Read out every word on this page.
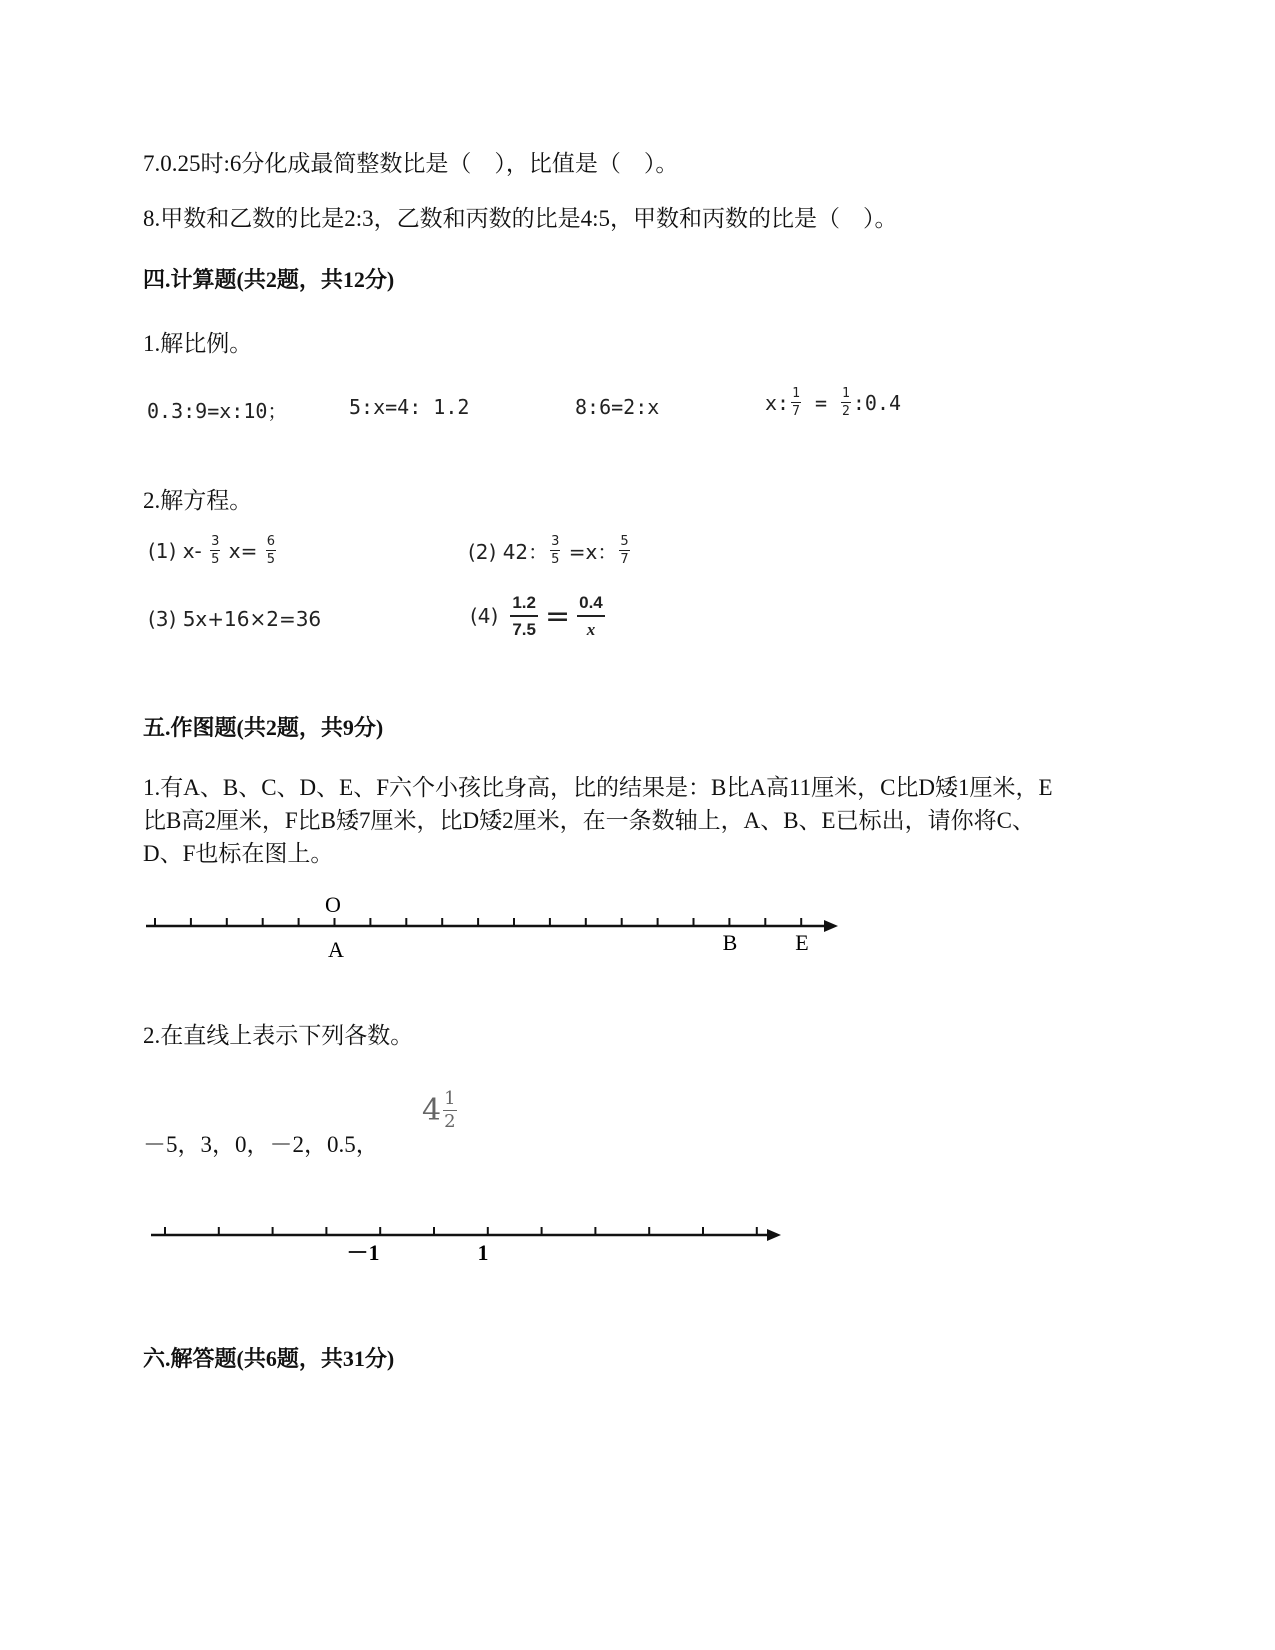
7.0.25时:6分化成最简整数比是（　），比值是（　）。
8.甲数和乙数的比是2:3，乙数和丙数的比是4:5，甲数和丙数的比是（　）。
四.计算题(共2题，共12分)
1.解比例。
0.3:9=x:10；	5:x=4: 1.2	8:6=2:x	x: $\frac{1}{7} = \frac{1}{2}$ :0.4
2.解方程。
(1) $x- \frac{3}{5} x= \frac{6}{5}$	(2) 42： $\frac{3}{5} =x$： $\frac{5}{7}$
(3) 5x+16×2=36	$(4) \frac{1.2}{7.5} = \frac{0.4}{x}$
五.作图题(共2题，共9分)
1.有A、B、C、D、E、F六个小孩比身高，比的结果是：B比A高11厘米，C比D矮1厘米，E比B高2厘米，F比B矮7厘米，比D矮2厘米，在一条数轴上，A、B、E已标出，请你将C、D、F也标在图上。
O
A	B	E
2.在直线上表示下列各数。
－5，3，0，－2，0.5，
$4 \frac{1}{2}$
－1	1
六.解答题(共6题，共31分)
